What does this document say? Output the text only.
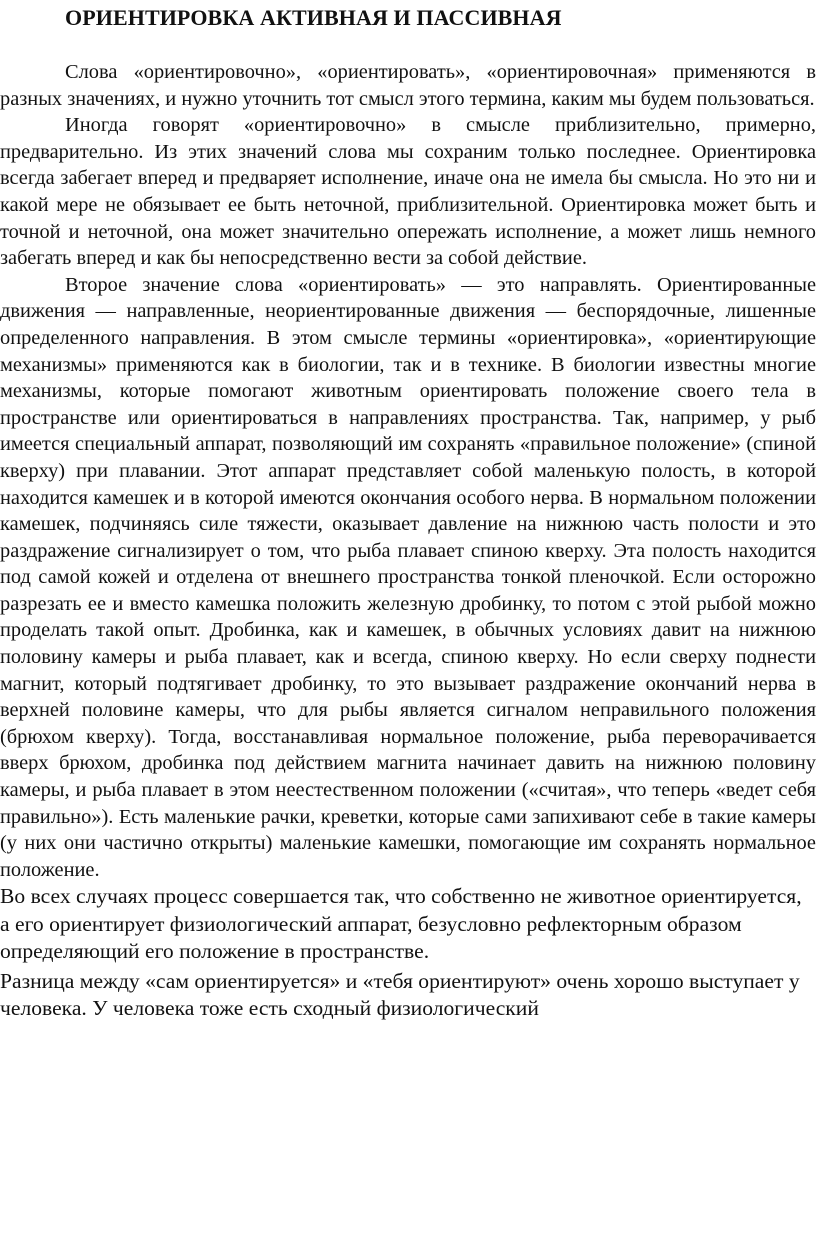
ОРИЕНТИРОВКА АКТИВНАЯ И ПАССИВНАЯ

Слова «ориентировочно», «ориентировать», «ориентировочная» применяются в разных значениях, и нужно уточнить тот смысл этого термина, каким мы будем пользоваться.

Иногда говорят «ориентировочно» в смысле приблизительно, примерно, предварительно. Из этих значений слова мы сохраним только последнее. Ориентировка всегда забегает вперед и предваряет исполнение, иначе она не имела бы смысла. Но это ни и какой мере не обязывает ее быть неточной, приблизительной. Ориентировка может быть и точной и неточной, она может значительно опережать исполнение, а может лишь немного забегать вперед и как бы непосредственно вести за собой действие.

Второе значение слова «ориентировать» — это направлять. Ориентированные движения — направленные, неориентированные движения — беспорядочные, лишенные определенного направления. В этом смысле термины «ориентировка», «ориентирующие механизмы» применяются как в биологии, так и в технике. В биологии известны многие механизмы, которые помогают животным ориентировать положение своего тела в пространстве или ориентироваться в направлениях пространства. Так, например, у рыб имеется специальный аппарат, позволяющий им сохранять «правильное положение» (спиной кверху) при плавании. Этот аппарат представляет собой маленькую полость, в которой находится камешек и в которой имеются окончания особого нерва. В нормальном положении камешек, подчиняясь силе тяжести, оказывает давление на нижнюю часть полости и это раздражение сигнализирует о том, что рыба плавает спиною кверху. Эта полость находится под самой кожей и отделена от внешнего пространства тонкой пленочкой. Если осторожно разрезать ее и вместо камешка положить железную дробинку, то потом с этой рыбой можно проделать такой опыт. Дробинка, как и камешек, в обычных условиях давит на нижнюю половину камеры и рыба плавает, как и всегда, спиною кверху. Но если сверху поднести магнит, который подтягивает дробинку, то это вызывает раздражение окончаний нерва в верхней половине камеры, что для рыбы является сигналом неправильного положения (брюхом кверху). Тогда, восстанавливая нормальное положение, рыба переворачивается вверх брюхом, дробинка под действием магнита начинает давить на нижнюю половину камеры, и рыба плавает в этом неестественном положении («считая», что теперь «ведет себя правильно»). Есть маленькие рачки, креветки, которые сами запихивают себе в такие камеры (у них они частично открыты) маленькие камешки, помогающие им сохранять нормальное положение.

Во всех случаях процесс совершается так, что собственно не животное ориентируется, а его ориентирует физиологический аппарат, безусловно рефлекторным образом определяющий его положение в пространстве.

Разница между «сам ориентируется» и «тебя ориентируют» очень хорошо выступает у человека. У человека тоже есть сходный физиологический
